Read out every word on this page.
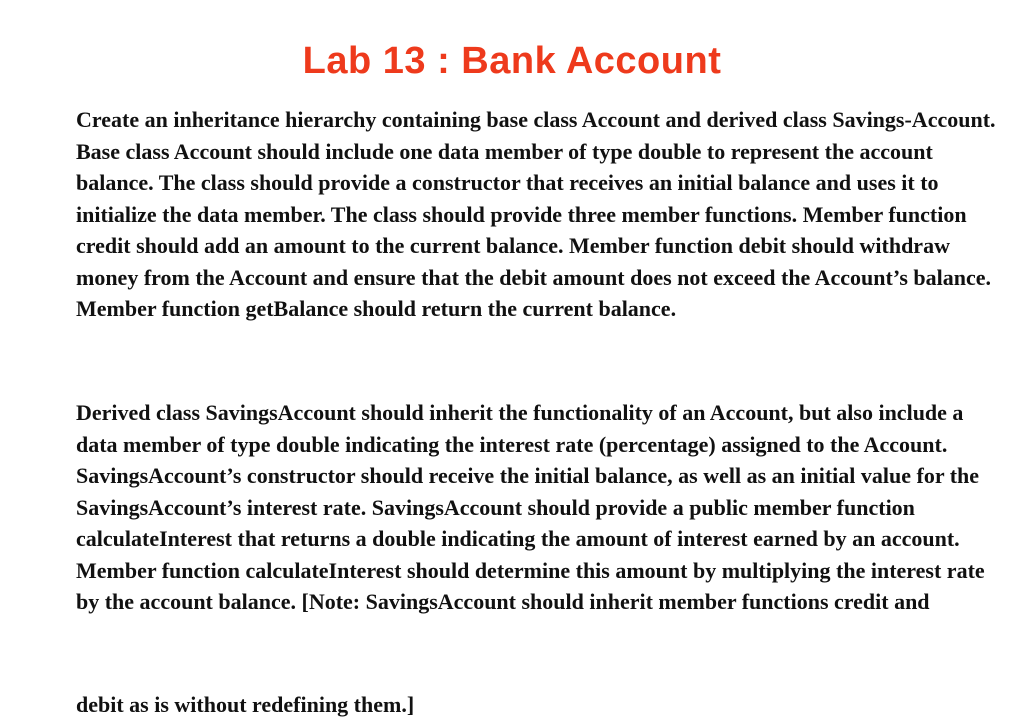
Lab 13 : Bank Account

Create an inheritance hierarchy containing base class Account and derived class Savings-Account. Base class Account should include one data member of type double to represent the account balance. The class should provide a constructor that receives an initial balance and uses it to initialize the data member. The class should provide three member functions. Member function credit should add an amount to the current balance. Member function debit should withdraw money from the Account and ensure that the debit amount does not exceed the Account’s balance. Member function getBalance should return the current balance.

Derived class SavingsAccount should inherit the functionality of an Account, but also include a data member of type double indicating the interest rate (percentage) assigned to the Account. SavingsAccount’s constructor should receive the initial balance, as well as an initial value for the SavingsAccount’s interest rate. SavingsAccount should provide a public member function calculateInterest that returns a double indicating the amount of interest earned by an account. Member function calculateInterest should determine this amount by multiplying the interest rate by the account balance. [Note: SavingsAccount should inherit member functions credit and

debit as is without redefining them.]
